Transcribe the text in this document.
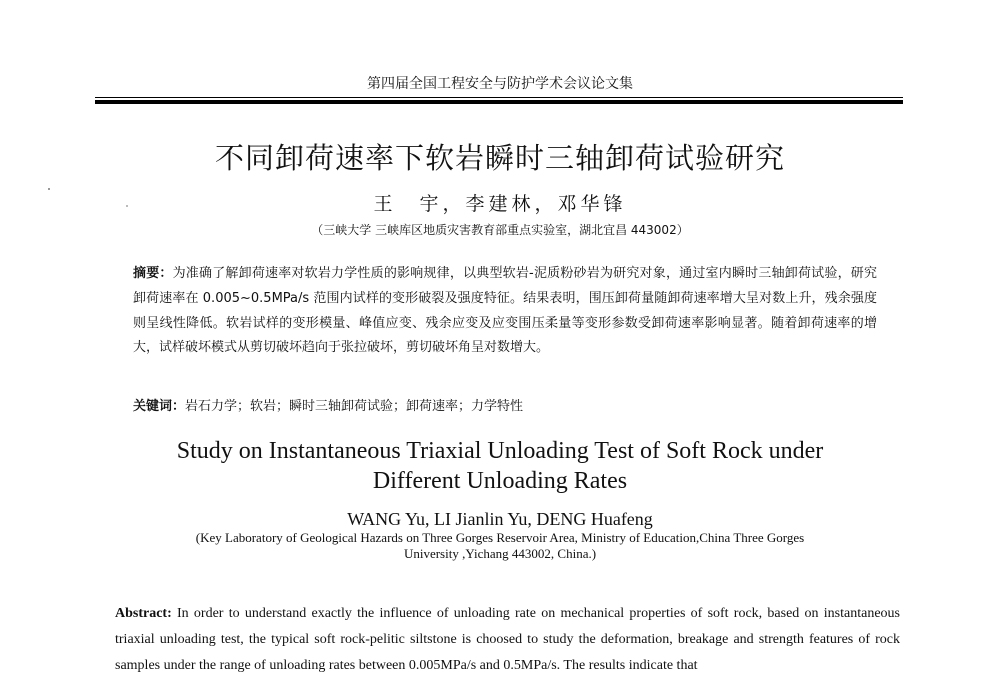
第四届全国工程安全与防护学术会议论文集
不同卸荷速率下软岩瞬时三轴卸荷试验研究
王　宇，李建林，邓华锋
（三峡大学 三峡库区地质灾害教育部重点实验室，湖北宜昌 443002）
摘要：为准确了解卸荷速率对软岩力学性质的影响规律，以典型软岩-泥质粉砂岩为研究对象，通过室内瞬时三轴卸荷试验，研究卸荷速率在 0.005~0.5MPa/s 范围内试样的变形破裂及强度特征。结果表明，围压卸荷量随卸荷速率增大呈对数上升，残余强度则呈线性降低。软岩试样的变形模量、峰值应变、残余应变及应变围压柔量等变形参数受卸荷速率影响显著。随着卸荷速率的增大，试样破坏模式从剪切破坏趋向于张拉破坏，剪切破坏角呈对数增大。
关键词：岩石力学；软岩；瞬时三轴卸荷试验；卸荷速率；力学特性
Study on Instantaneous Triaxial Unloading Test of Soft Rock under
Different Unloading Rates
WANG Yu, LI Jianlin Yu, DENG Huafeng
(Key Laboratory of Geological Hazards on Three Gorges Reservoir Area, Ministry of Education,China Three Gorges
University ,Yichang 443002, China.)
Abstract: In order to understand exactly the influence of unloading rate on mechanical properties of soft rock, based on instantaneous triaxial unloading test, the typical soft rock-pelitic siltstone is choosed to study the deformation, breakage and strength features of rock samples under the range of unloading rates between 0.005MPa/s and 0.5MPa/s. The results indicate that
